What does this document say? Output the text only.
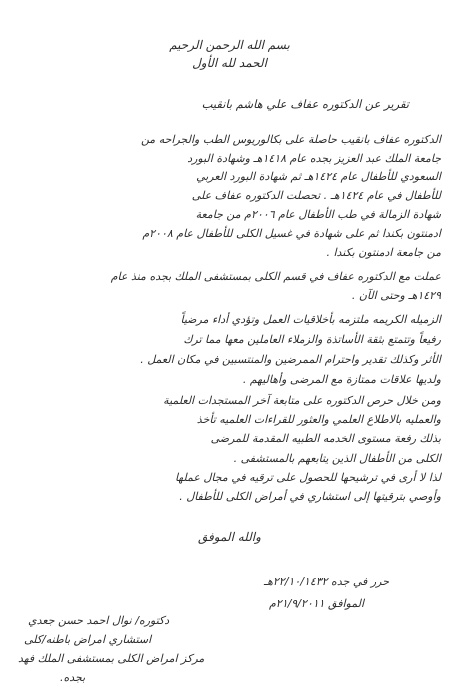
بسم الله الرحمن الرحيم
الحمد لله الأول
تقرير عن الدكتوره عفاف علي هاشم بانقيب
الدكتوره عفاف بانقيب حاصلة على بكالوريوس الطب والجراحه من
جامعة الملك عبد العزيز بجده عام ١٤١٨هـ وشهادة البورد
السعودي للأطفال عام ١٤٢٤هـ ثم شهادة البورد العربي
للأطفال في عام ١٤٢٤هـ . تحصلت الدكتوره عفاف على
شهادة الزمالة في طب الأطفال عام ٢٠٠٦م من جامعة
ادمنتون بكندا ثم على شهادة في غسيل الكلى للأطفال عام ٢٠٠٨م
من جامعة ادمنتون بكندا .
عملت مع الدكتوره عفاف في قسم الكلى بمستشفى الملك بجده منذ عام
١٤٢٩هـ وحتى الآن .
الزميله الكريمه ملتزمه بأخلاقيات العمل وتؤدي أداء مرضياً
رفيعاً وتتمتع بثقة الأساتذة والزملاء العاملين معها مما ترك
الأثر وكذلك تقدير واحترام الممرضين والمنتسبين في مكان العمل .
ولديها علاقات ممتازة مع المرضى وأهاليهم .
ومن خلال حرص الدكتوره على متابعة آخر المستجدات العلمية
والعمليه بالاطلاع العلمي والعثور للقراءات العلميه تأخذ
بذلك رفعة مستوى الخدمه الطبيه المقدمة للمرضى
الكلى من الأطفال الذين يتابعهم بالمستشفى .
لذا لا أرى في ترشيحها للحصول على ترقيه في مجال عملها
وأوصي بترقيتها إلى استشاري في أمراض الكلى للأطفال .
والله الموفق
حرر في جده ٢٢/١٠/١٤٣٢هـ
الموافق ٢١/٩/٢٠١١م
دكتوره/ نوال احمد حسن جعدي
استشاري امراض باطنه/كلى
مركز امراض الكلى بمستشفى الملك فهد
بجده.
